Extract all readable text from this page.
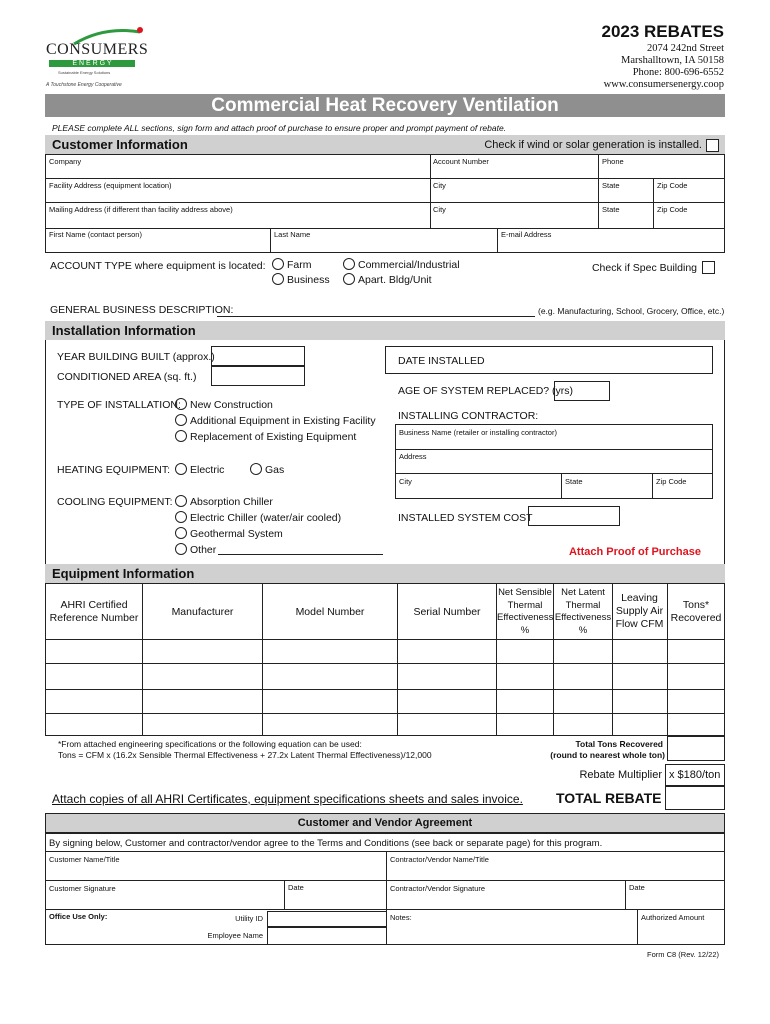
CONSUMERS
E N E R G Y
Sustainable Energy Solutions
A Touchstone Energy Cooperative
2023 REBATES
2074 242nd Street
Marshalltown, IA 50158
Phone: 800-696-6552
www.consumersenergy.coop
Commercial Heat Recovery Ventilation
PLEASE complete ALL sections, sign form and attach proof of purchase to ensure proper and prompt payment of rebate.
Customer Information	Check if wind or solar generation is installed.
Company	Account Number	Phone
Facility Address (equipment location)	City	State	Zip Code
Mailing Address (if different than facility address above)	City	State	Zip Code
First Name (contact person)	Last Name	E-mail Address
ACCOUNT TYPE where equipment is located:	Farm
Business
Commercial/Industrial
Apart. Bldg/Unit
Check if Spec Building
GENERAL BUSINESS DESCRIPTION:	(e.g. Manufacturing, School, Grocery, Office, etc.)
Installation Information
YEAR BUILDING BUILT (approx.)
CONDITIONED AREA (sq. ft.)
DATE INSTALLED
AGE OF SYSTEM REPLACED? (yrs)
TYPE OF INSTALLATION: New Construction
Additional Equipment in Existing Facility
Replacement of Existing Equipment
INSTALLING CONTRACTOR:
Business Name (retailer or installing contractor)
Address
City	State	Zip Code
HEATING EQUIPMENT:	Electric	Gas
COOLING EQUIPMENT:	Absorption Chiller
Electric Chiller (water/air cooled)
Geothermal System
Other
INSTALLED SYSTEM COST
Attach Proof of Purchase
Equipment Information
AHRI Certified Reference Number	Manufacturer	Model Number	Serial Number
Net Sensible Thermal Effectiveness %
Net Latent Thermal Effectiveness %
Leaving Supply Air Flow CFM
Tons* Recovered
*From attached engineering specifications or the following equation can be used:
Tons = CFM x (16.2x Sensible Thermal Effectiveness + 27.2x Latent Thermal Effectiveness)/12,000
Total Tons Recovered
(round to nearest whole ton)
Rebate Multiplier x $180/ton
Attach copies of all AHRI Certificates, equipment specifications sheets and sales invoice. TOTAL REBATE
Customer and Vendor Agreement
By signing below, Customer and contractor/vendor agree to the Terms and Conditions (see back or separate page) for this program.
Customer Name/Title	Contractor/Vendor Name/Title
Customer Signature	Date	Contractor/Vendor Signature	Date
Office Use Only:	Utility ID
Employee Name
Notes:	Authorized Amount
Form C8 (Rev. 12/22)
